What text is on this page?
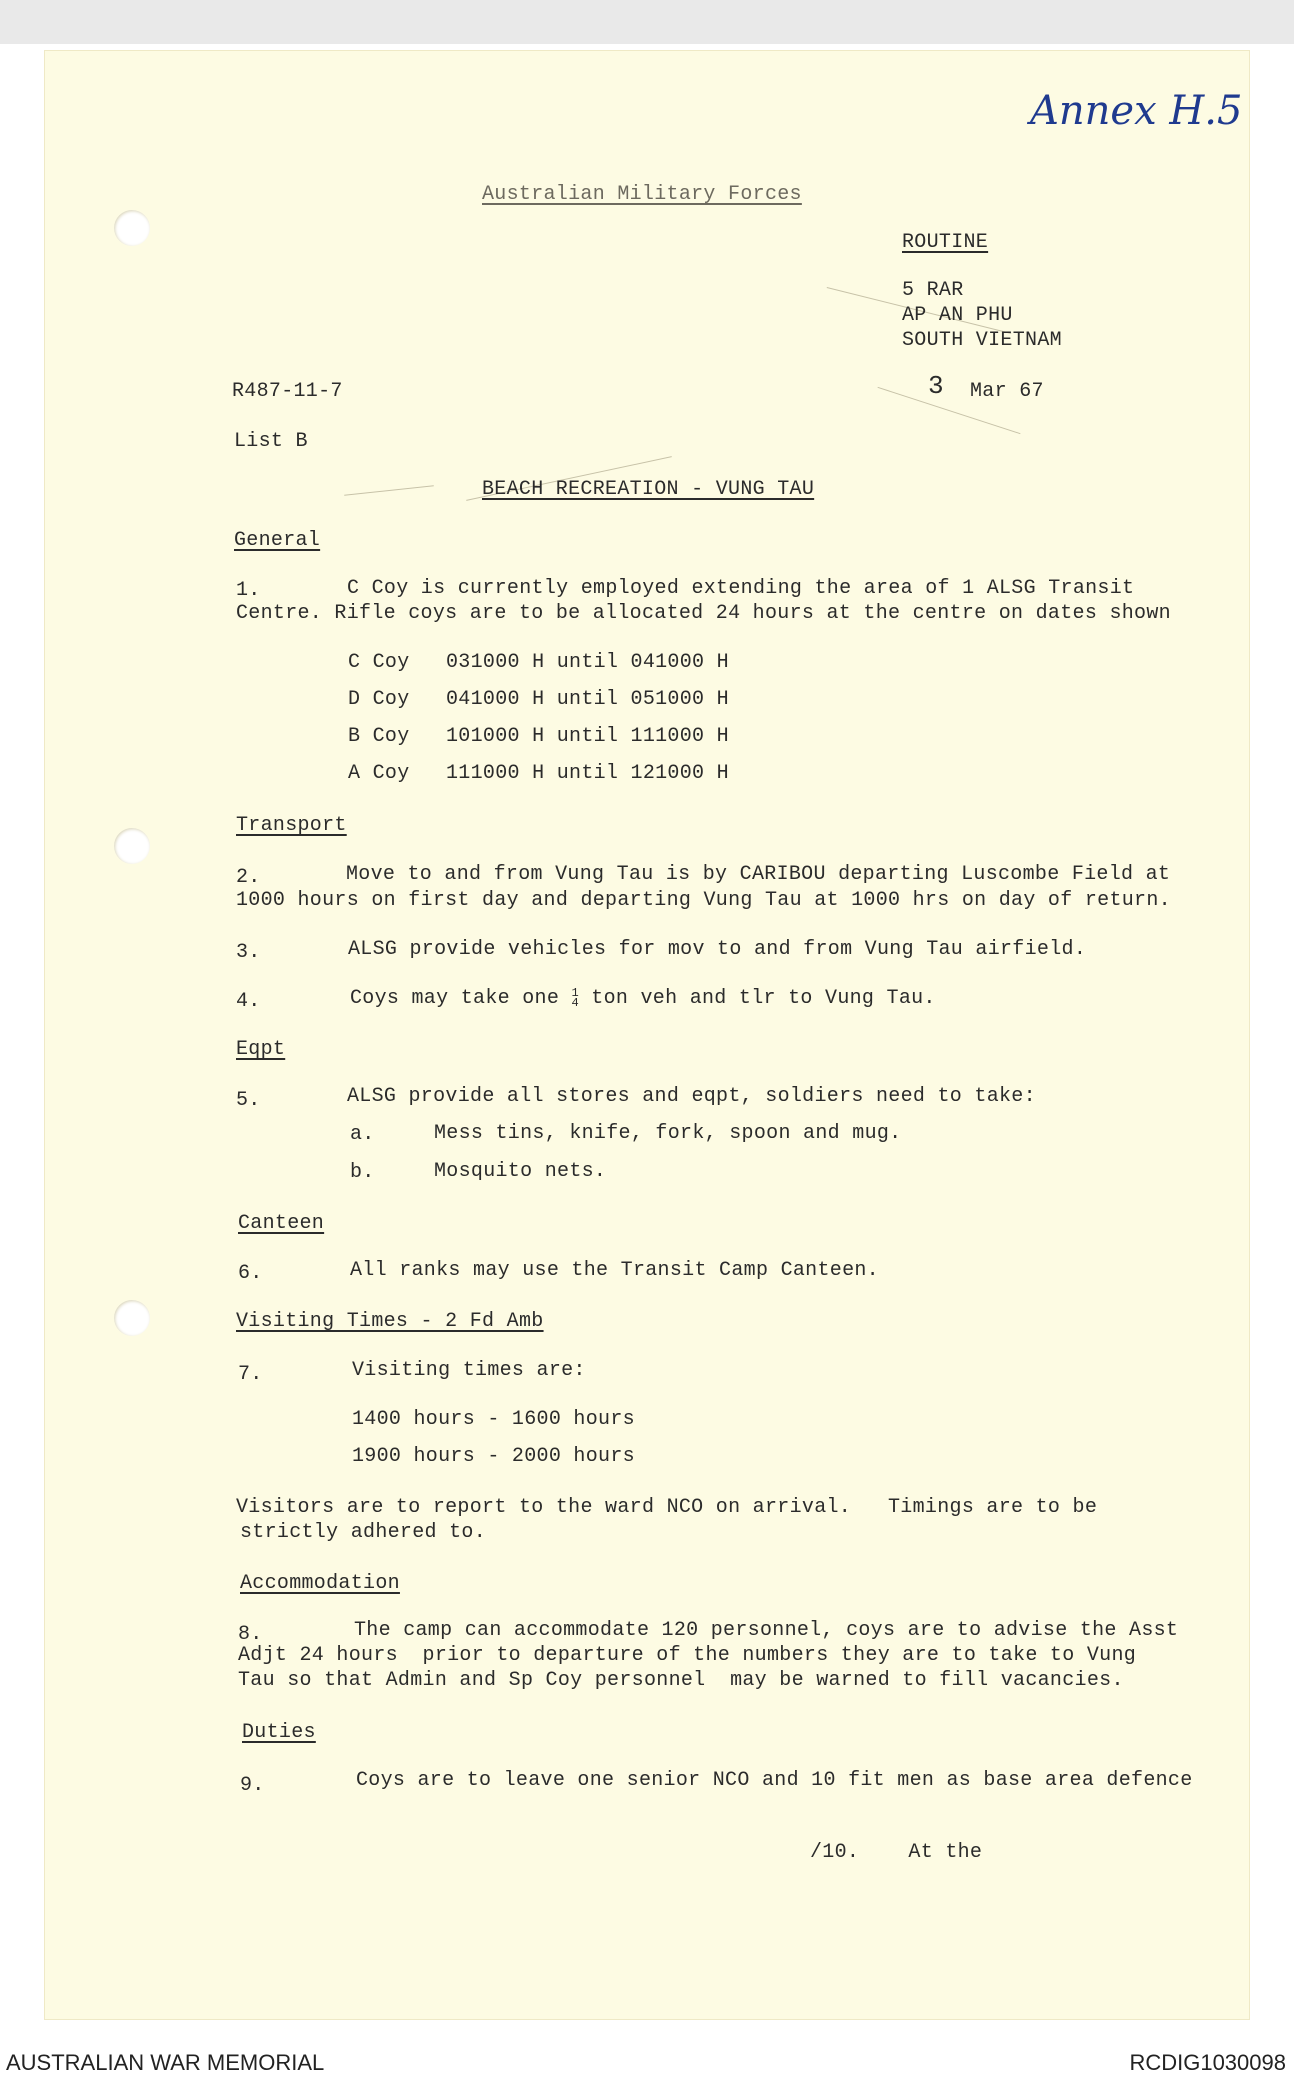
Annex H.5
Australian Military Forces
ROUTINE
5 RAR
AP AN PHU
SOUTH VIETNAM
R487-11-7	3 Mar 67
List B
BEACH RECREATION - VUNG TAU
General
1.	C Coy is currently employed extending the area of 1 ALSG Transit
Centre. Rifle coys are to be allocated 24 hours at the centre on dates shown
C Coy 031000 H until 041000 H
D Coy 041000 H until 051000 H
B Coy 101000 H until 111000 H
A Coy 111000 H until 121000 H
Transport
2.	Move to and from Vung Tau is by CARIBOU departing Luscombe Field at
1000 hours on first day and departing Vung Tau at 1000 hrs on day of return.
3.	ALSG provide vehicles for mov to and from Vung Tau airfield.
4.	Coys may take one 1
4 ton veh and tlr to Vung Tau.
Eqpt
5.	ALSG provide all stores and eqpt, soldiers need to take:
a.	Mess tins, knife, fork, spoon and mug.
b.	Mosquito nets.
Canteen
6.	All ranks may use the Transit Camp Canteen.
Visiting Times - 2 Fd Amb
7.	Visiting times are:
1400 hours - 1600 hours
1900 hours - 2000 hours
Visitors are to report to the ward NCO on arrival.   Timings are to be
strictly adhered to.
Accommodation
8.	The camp can accommodate 120 personnel, coys are to advise the Asst
Adjt 24 hours  prior to departure of the numbers they are to take to Vung
Tau so that Admin and Sp Coy personnel  may be warned to fill vacancies.
Duties
9.	Coys are to leave one senior NCO and 10 fit men as base area defence
/10.    At the
AUSTRALIAN WAR MEMORIAL	RCDIG1030098
